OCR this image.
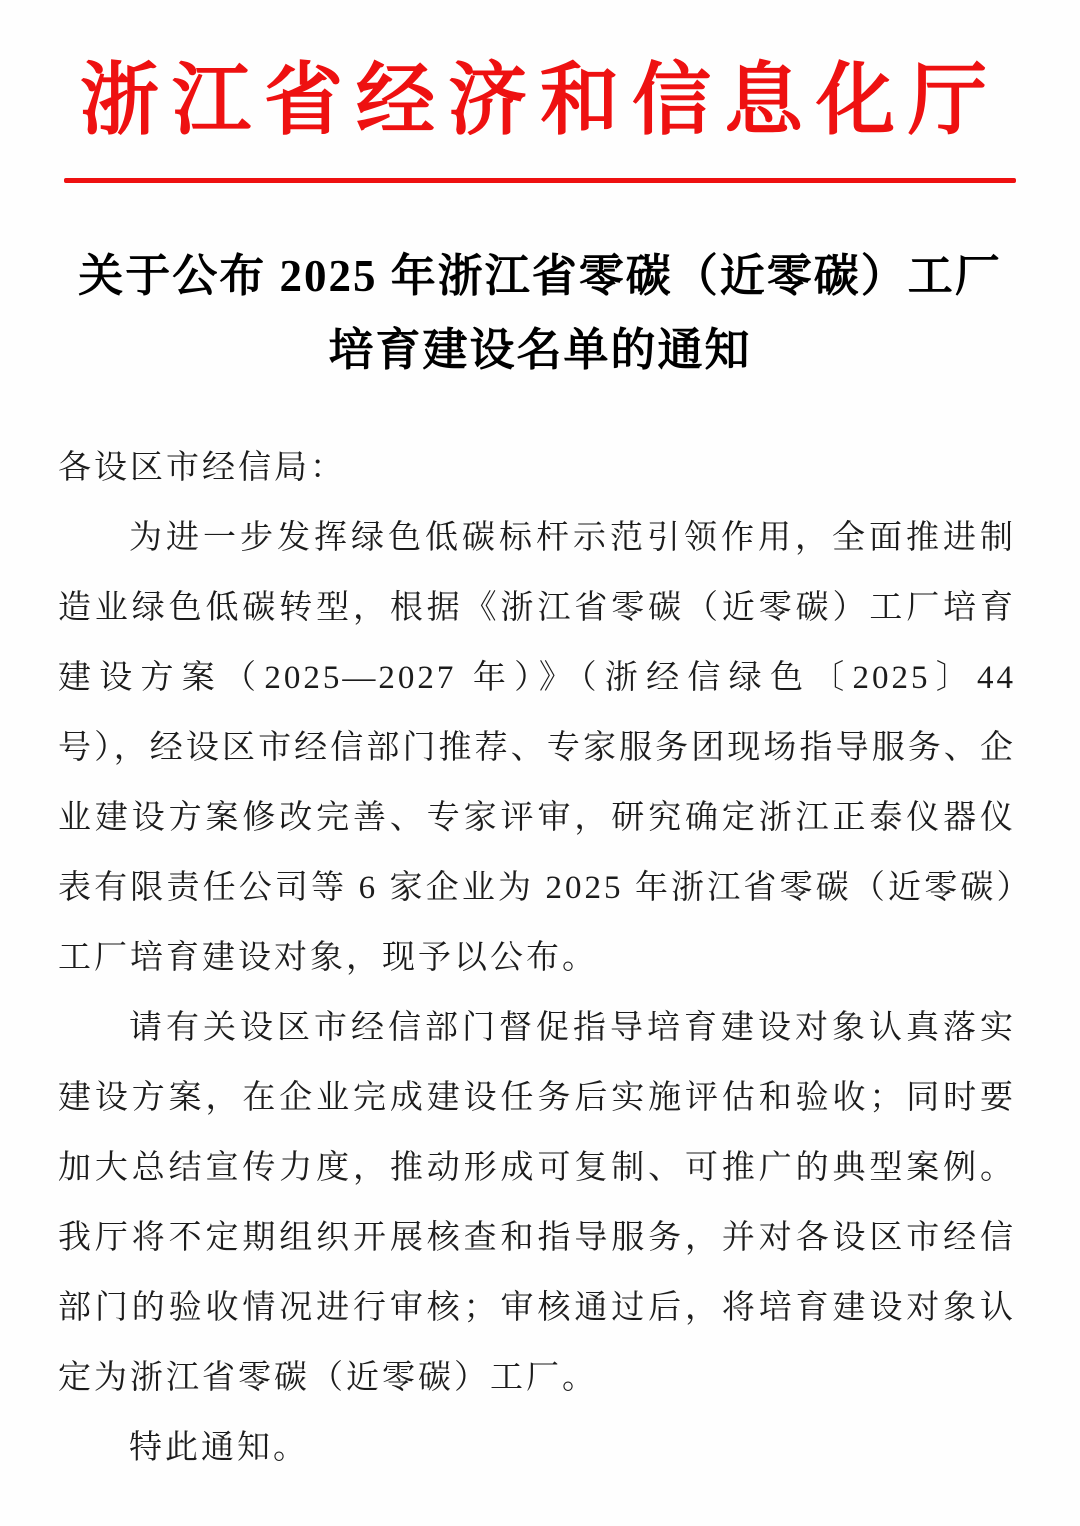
浙江省经济和信息化厅
关于公布 2025 年浙江省零碳（近零碳）工厂
培育建设名单的通知

各设区市经信局：

为进一步发挥绿色低碳标杆示范引领作用，全面推进制造业绿色低碳转型，根据《浙江省零碳（近零碳）工厂培育建设方案（2025—2027 年）》（浙经信绿色〔2025〕44 号），经设区市经信部门推荐、专家服务团现场指导服务、企业建设方案修改完善、专家评审，研究确定浙江正泰仪器仪表有限责任公司等 6 家企业为 2025 年浙江省零碳（近零碳）工厂培育建设对象，现予以公布。

请有关设区市经信部门督促指导培育建设对象认真落实建设方案，在企业完成建设任务后实施评估和验收；同时要加大总结宣传力度，推动形成可复制、可推广的典型案例。我厅将不定期组织开展核查和指导服务，并对各设区市经信部门的验收情况进行审核；审核通过后，将培育建设对象认定为浙江省零碳（近零碳）工厂。

特此通知。
